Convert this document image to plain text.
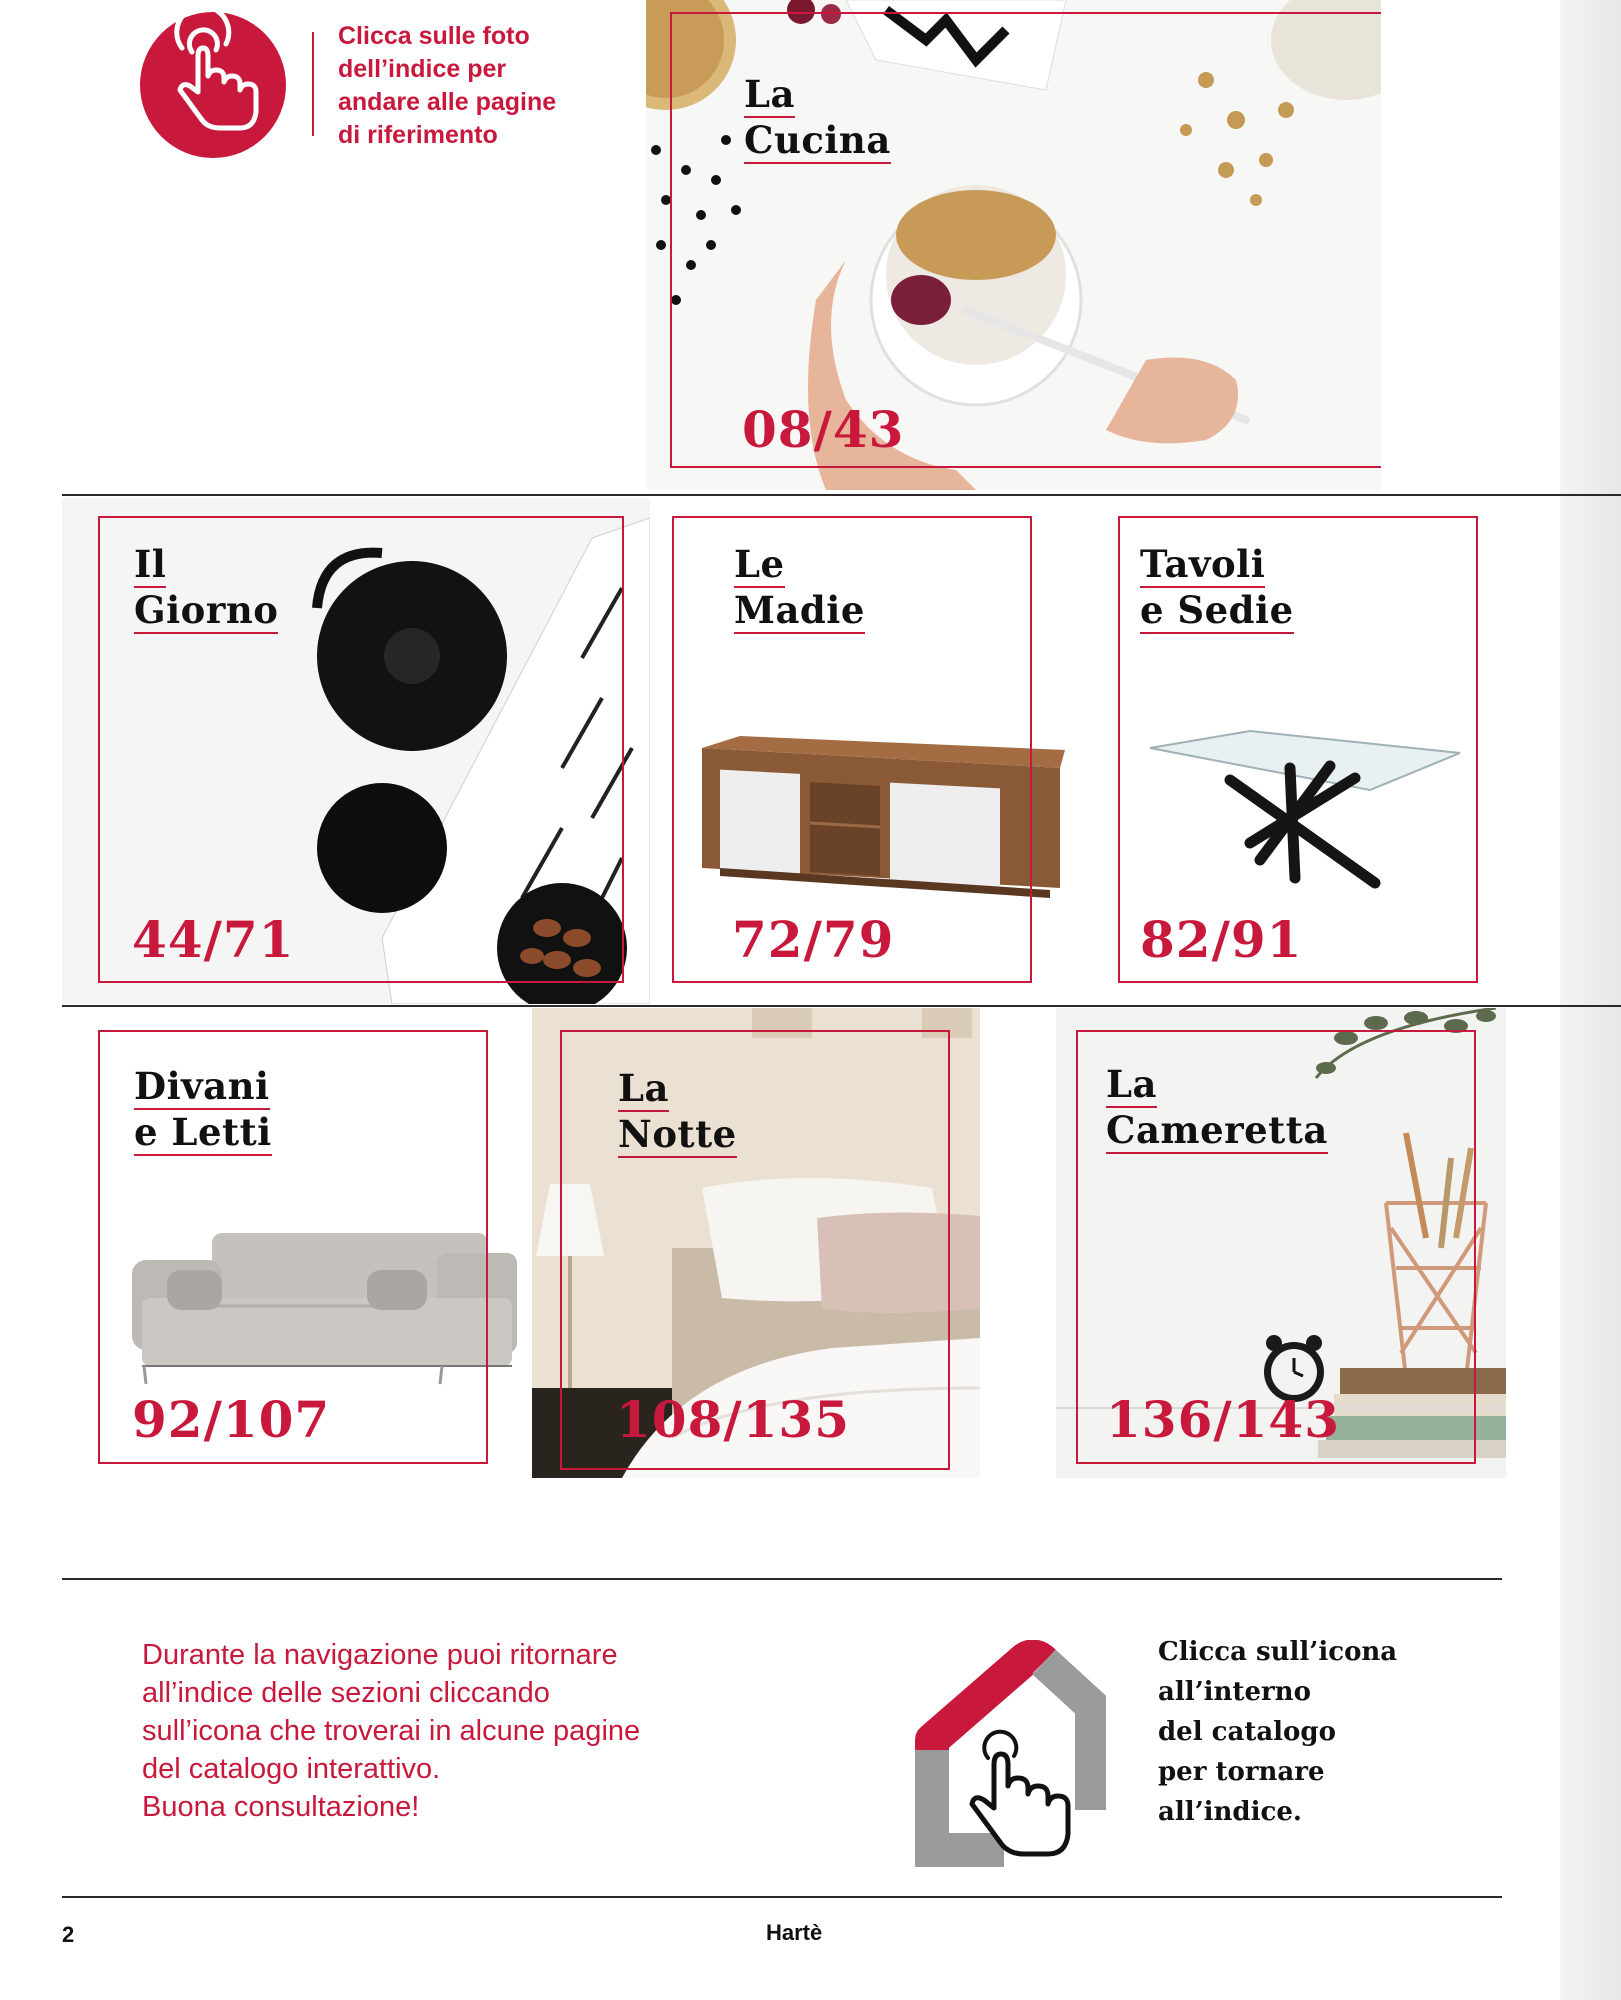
Clicca sulle foto
dell’indice per
andare alle pagine
di riferimento
La
Cucina
08/43
Il
Giorno
44/71
Le
Madie
72/79
Tavoli
e Sedie
82/91
Divani
e Letti
92/107
La
Notte
108/135
La
Cameretta
136/143
Durante la navigazione puoi ritornare
all’indice delle sezioni cliccando
sull’icona che troverai in alcune pagine
del catalogo interattivo.
Buona consultazione!
Clicca sull’icona
all’interno
del catalogo
per tornare
all’indice.
2	Hartè
